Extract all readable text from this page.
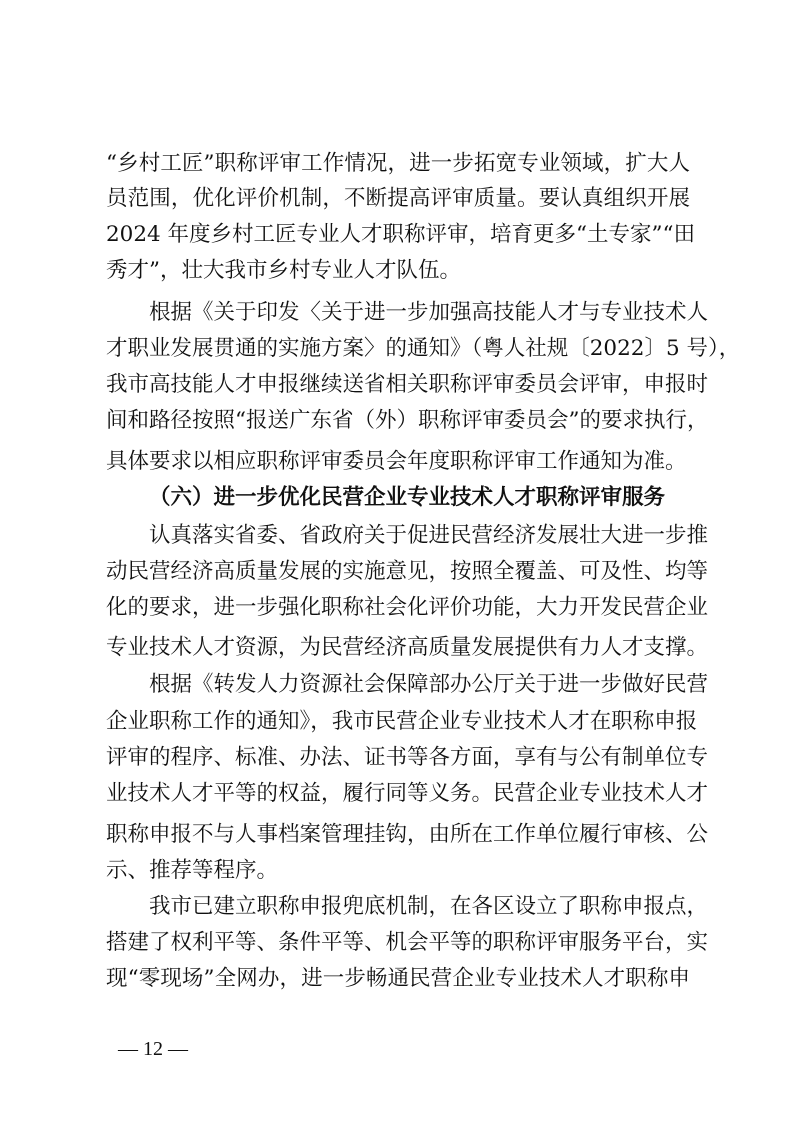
“乡村工匠”职称评审工作情况，进一步拓宽专业领域，扩大人
员范围，优化评价机制，不断提高评审质量。要认真组织开展
2024 年度乡村工匠专业人才职称评审，培育更多“土专家”“田
秀才”，壮大我市乡村专业人才队伍。
根据《关于印发〈关于进一步加强高技能人才与专业技术人
才职业发展贯通的实施方案〉的通知》（粤人社规〔2022〕5 号），
我市高技能人才申报继续送省相关职称评审委员会评审，申报时
间和路径按照“报送广东省（外）职称评审委员会”的要求执行，
具体要求以相应职称评审委员会年度职称评审工作通知为准。
（六）进一步优化民营企业专业技术人才职称评审服务
认真落实省委、省政府关于促进民营经济发展壮大进一步推
动民营经济高质量发展的实施意见，按照全覆盖、可及性、均等
化的要求，进一步强化职称社会化评价功能，大力开发民营企业
专业技术人才资源，为民营经济高质量发展提供有力人才支撑。
根据《转发人力资源社会保障部办公厅关于进一步做好民营
企业职称工作的通知》，我市民营企业专业技术人才在职称申报
评审的程序、标准、办法、证书等各方面，享有与公有制单位专
业技术人才平等的权益，履行同等义务。民营企业专业技术人才
职称申报不与人事档案管理挂钩，由所在工作单位履行审核、公
示、推荐等程序。
我市已建立职称申报兜底机制，在各区设立了职称申报点，
搭建了权利平等、条件平等、机会平等的职称评审服务平台，实
现“零现场”全网办，进一步畅通民营企业专业技术人才职称申
— 12 —
